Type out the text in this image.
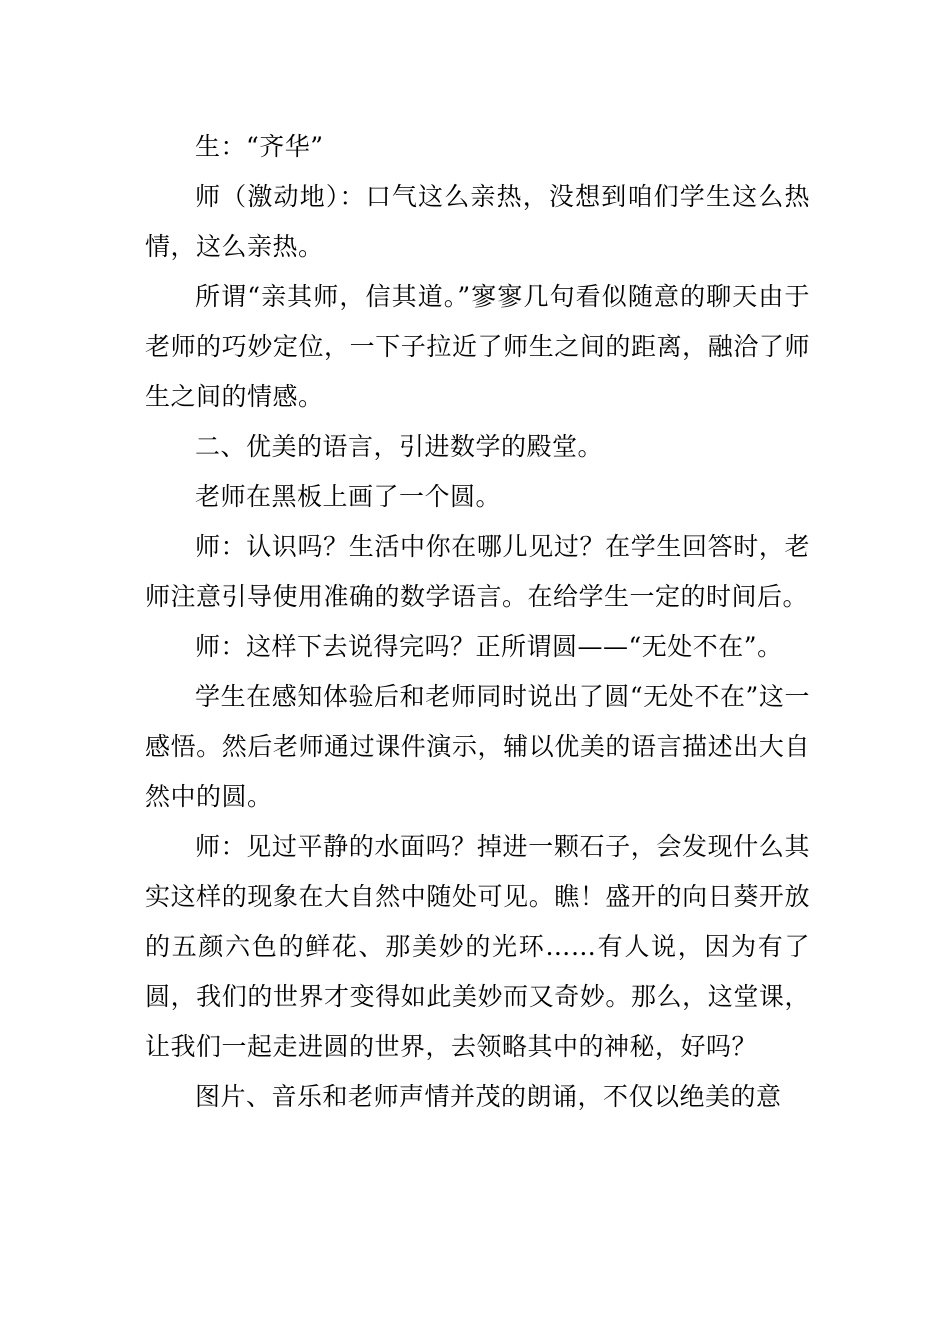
生：“齐华”

师（激动地）：口气这么亲热，没想到咱们学生这么热情，这么亲热。

所谓“亲其师，信其道。”寥寥几句看似随意的聊天由于老师的巧妙定位，一下子拉近了师生之间的距离，融洽了师生之间的情感。

二、优美的语言，引进数学的殿堂。

老师在黑板上画了一个圆。

师：认识吗？生活中你在哪儿见过？在学生回答时，老师注意引导使用准确的数学语言。在给学生一定的时间后。

师：这样下去说得完吗？正所谓圆——“无处不在”。

学生在感知体验后和老师同时说出了圆“无处不在”这一感悟。然后老师通过课件演示，辅以优美的语言描述出大自然中的圆。

师：见过平静的水面吗？掉进一颗石子，会发现什么其实这样的现象在大自然中随处可见。瞧！盛开的向日葵开放的五颜六色的鲜花、那美妙的光环……有人说，因为有了圆，我们的世界才变得如此美妙而又奇妙。那么，这堂课，让我们一起走进圆的世界，去领略其中的神秘，好吗？

图片、音乐和老师声情并茂的朗诵，不仅以绝美的意
